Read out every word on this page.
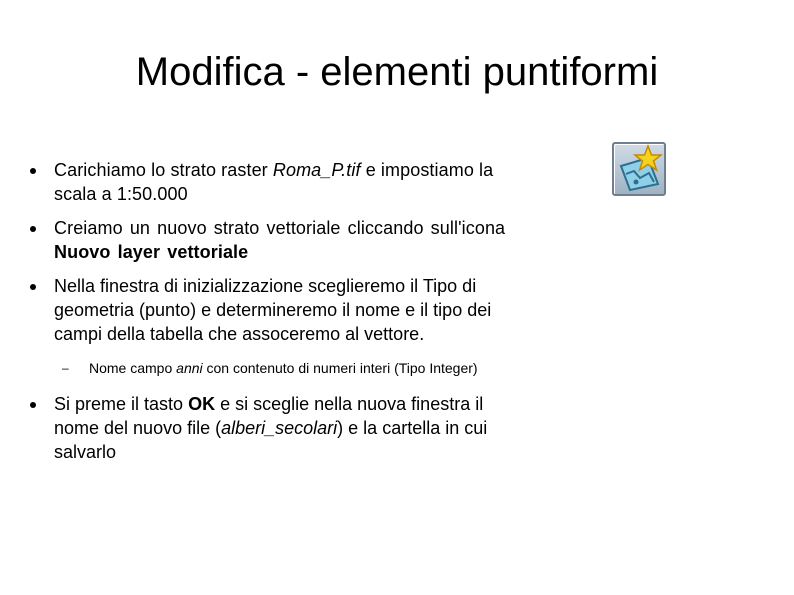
Modifica - elementi puntiformi
Carichiamo lo strato raster Roma_P.tif e impostiamo la scala a 1:50.000
Creiamo un nuovo strato vettoriale cliccando sull'icona Nuovo layer vettoriale
Nella finestra di inizializzazione sceglieremo il Tipo di geometria (punto) e determineremo il nome e il tipo dei campi della tabella che assoceremo al vettore.
– Nome campo anni con contenuto di numeri interi (Tipo Integer)
Si preme il tasto OK e si sceglie nella nuova finestra il nome del nuovo file (alberi_secolari) e la cartella in cui salvarlo
